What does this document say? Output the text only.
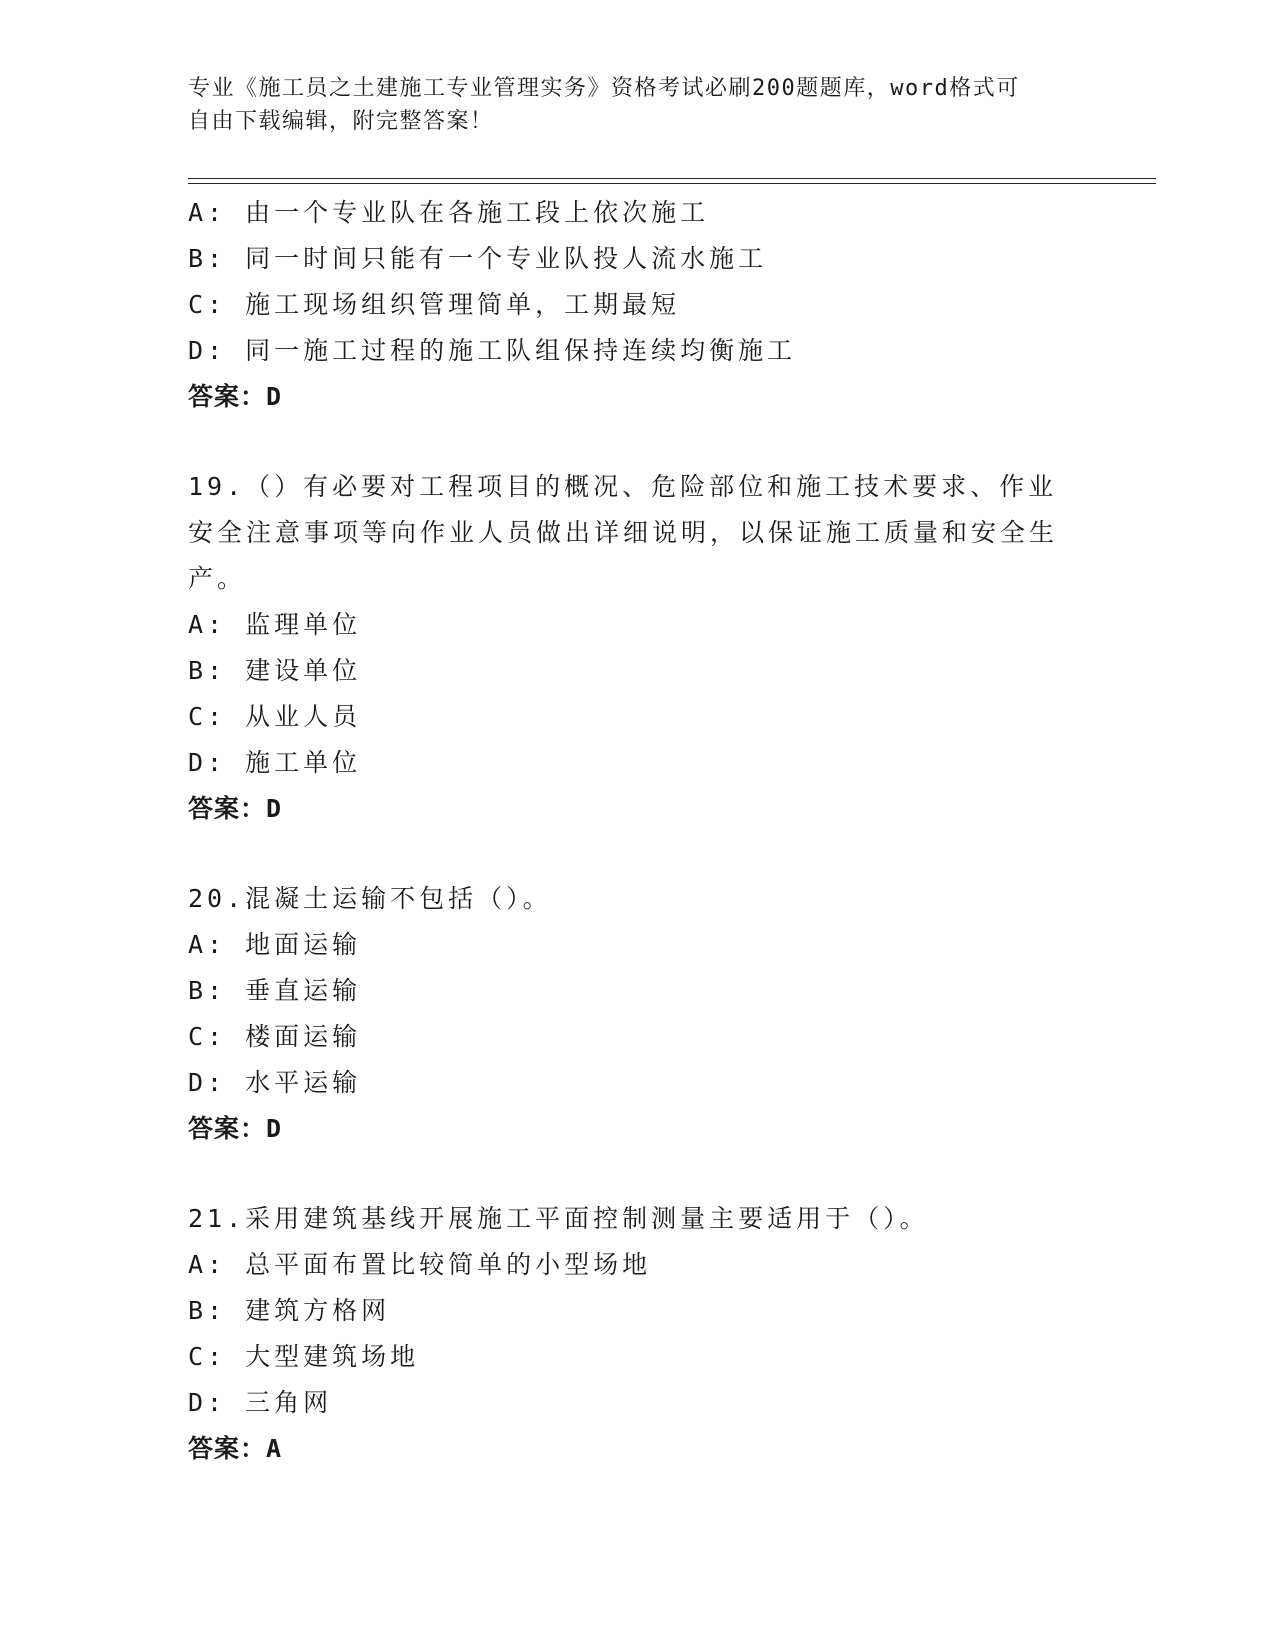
专业《施工员之土建施工专业管理实务》资格考试必刷200题题库，word格式可
自由下载编辑，附完整答案！
A: 由一个专业队在各施工段上依次施工
B: 同一时间只能有一个专业队投人流水施工
C: 施工现场组织管理简单，工期最短
D: 同一施工过程的施工队组保持连续均衡施工
答案：D
19.（）有必要对工程项目的概况、危险部位和施工技术要求、作业安全注意事项等向作业人员做出详细说明，以保证施工质量和安全生产。
A: 监理单位
B: 建设单位
C: 从业人员
D: 施工单位
答案：D
20.混凝土运输不包括（）。
A: 地面运输
B: 垂直运输
C: 楼面运输
D: 水平运输
答案：D
21.采用建筑基线开展施工平面控制测量主要适用于（）。
A: 总平面布置比较简单的小型场地
B: 建筑方格网
C: 大型建筑场地
D: 三角网
答案：A
